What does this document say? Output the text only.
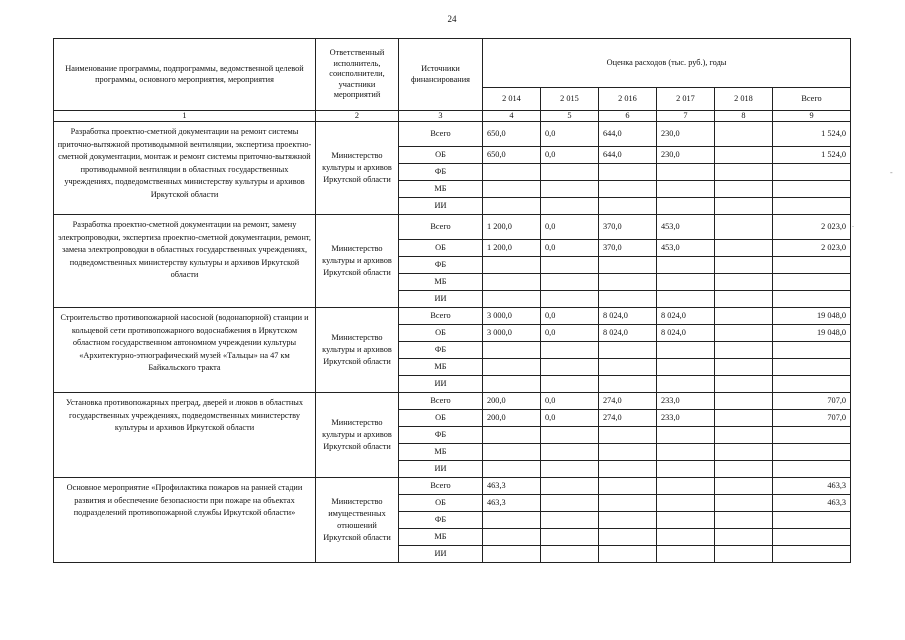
24
-
.
Наименование программы, подпрограммы, ведомственной целевой программы, основного мероприятия, мероприятия	Ответственный исполнитель, соисполнители, участники мероприятий	Источники финансирования	Оценка расходов (тыс. руб.), годы					
			2 014	2 015	2 016	2 017	2 018	Всего
1	2	3	4	5	6	7	8	9
Разработка проектно-сметной документации на ремонт системы приточно-вытяжной противодымной вентиляции, экспертиза проектно-сметной документации, монтаж и ремонт системы приточно-вытяжной противодымной вентиляции в областных государственных учреждениях, подведомственных министерству культуры и архивов Иркутской области	Министерство культуры и архивов Иркутской области	Всего	650,0	0,0	644,0	230,0		1 524,0
		ОБ	650,0	0,0	644,0	230,0		1 524,0
		ФБ						
		МБ						
		ИИ						
Разработка проектно-сметной документации на ремонт, замену электропроводки, экспертиза проектно-сметной документации, ремонт, замена электропроводки в областных государственных учреждениях, подведомственных министерству культуры и архивов Иркутской области	Министерство культуры и архивов Иркутской области	Всего	1 200,0	0,0	370,0	453,0		2 023,0
		ОБ	1 200,0	0,0	370,0	453,0		2 023,0
		ФБ						
		МБ						
		ИИ						
Строительство противопожарной насосной (водонапорной) станции и кольцевой сети противопожарного водоснабжения в Иркутском областном государственном автономном учреждении культуры «Архитектурно-этнографический музей «Тальцы» на 47 км Байкальского тракта	Министерство культуры и архивов Иркутской области	Всего	3 000,0	0,0	8 024,0	8 024,0		19 048,0
		ОБ	3 000,0	0,0	8 024,0	8 024,0		19 048,0
		ФБ						
		МБ						
		ИИ						
Установка противопожарных преград, дверей и люков в областных государственных учреждениях, подведомственных министерству культуры и архивов Иркутской области	Министерство культуры и архивов Иркутской области	Всего	200,0	0,0	274,0	233,0		707,0
		ОБ	200,0	0,0	274,0	233,0		707,0
		ФБ						
		МБ						
		ИИ						
Основное мероприятие «Профилактика пожаров на ранней стадии развития и обеспечение безопасности при пожаре на объектах подразделений противопожарной службы Иркутской области»	Министерство имущественных отношений Иркутской области	Всего	463,3					463,3
		ОБ	463,3					463,3
		ФБ						
		МБ						
		ИИ						
